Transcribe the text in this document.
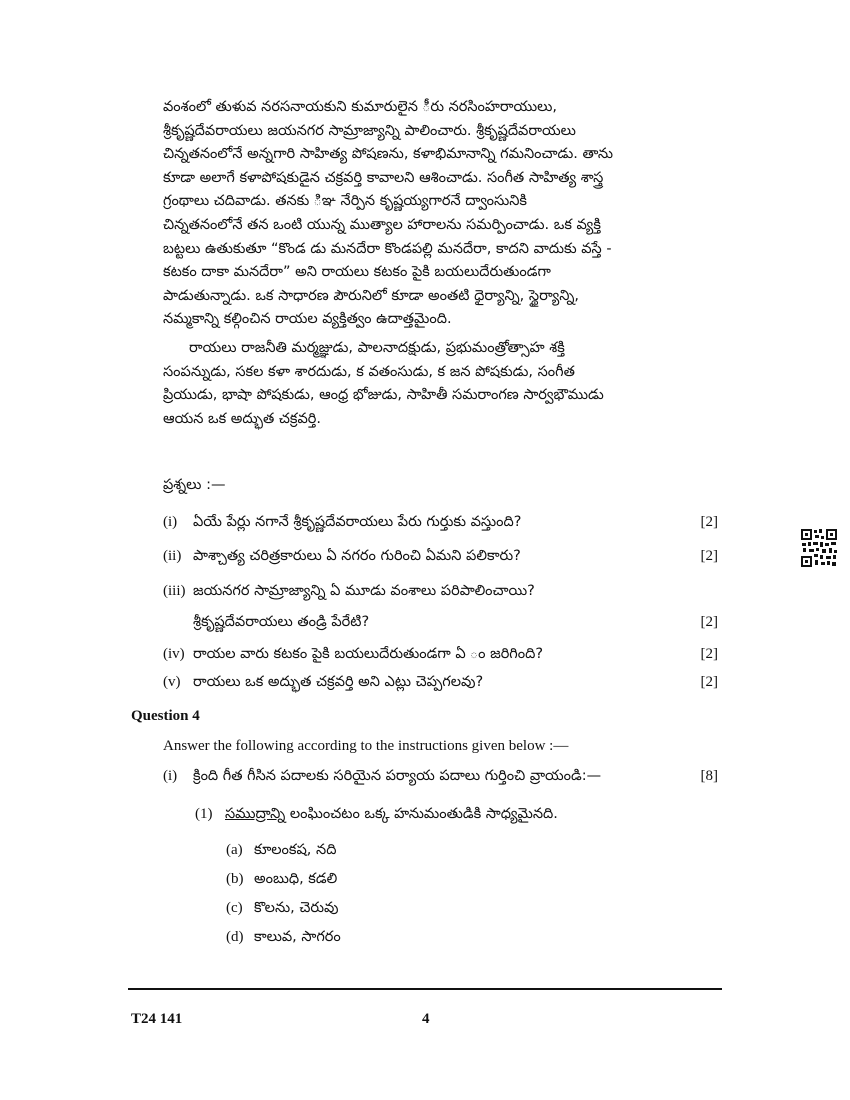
వంశంలో తుళువ నరసనాయకుని కుమారులైన ీరు నరసింహరాయులు,
శ్రీకృష్ణదేవరాయలు జయనగర సామ్రాజ్యాన్ని పాలించారు. శ్రీకృష్ణదేవరాయలు
చిన్నతనంలోనే అన్నగారి సాహిత్య పోషణను, కళాభిమానాన్ని గమనించాడు. తాను
కూడా అలాగే కళాపోషకుడైన చక్రవర్తి కావాలని ఆశించాడు. సంగీత సాహిత్య శాస్త్ర
గ్రంథాలు చదివాడు. తనకు ిఞ నేర్పిన కృష్ణయ్యగారనే ద్వాంసునికి
చిన్నతనంలోనే తన ఒంటి యున్న ముత్యాల హారాలను సమర్పించాడు. ఒక వ్యక్తి
బట్టలు ఉతుకుతూ “కొండ డు మనదేరా కొండపల్లి మనదేరా, కాదని వాదుకు వస్తే -
కటకం దాకా మనదేరా” అని రాయలు కటకం పైకి బయలుదేరుతుండగా
పాడుతున్నాడు. ఒక సాధారణ పౌరునిలో కూడా అంతటి ధైర్యాన్ని, స్థైర్యాన్ని,
నమ్మకాన్ని కల్గించిన రాయల వ్యక్తిత్వం ఉదాత్తమైంది.
రాయలు రాజనీతి మర్మజ్ఞుడు, పాలనాదక్షుడు, ప్రభుమంత్రోత్సాహ శక్తి
సంపన్నుడు, సకల కళా శారదుడు, క వతంసుడు, క జన పోషకుడు, సంగీత
ప్రియుడు, భాషా పోషకుడు, ఆంధ్ర భోజుడు, సాహితీ సమరాంగణ సార్వభౌముడు
ఆయన ఒక అద్భుత చక్రవర్తి.
ప్రశ్నలు :—
(i)	ఏయే పేర్లు నగానే శ్రీకృష్ణదేవరాయలు పేరు గుర్తుకు వస్తుంది?	[2]
(ii) పాశ్చాత్య చరిత్రకారులు ఏ నగరం గురించి ఏమని పలికారు?	[2]
(iii) జయనగర సామ్రాజ్యాన్ని ఏ మూడు వంశాలు పరిపాలించాయి?
శ్రీకృష్ణదేవరాయలు తండ్రి పేరేటి?	[2]
(iv) రాయల వారు కటకం పైకి బయలుదేరుతుండగా ఏ ం జరిగింది?	[2]
(v) రాయలు ఒక అద్భుత చక్రవర్తి అని ఎట్లు చెప్పగలవు?	[2]
Question 4
Answer the following according to the instructions given below :—
(i)	క్రింది గీత గీసిన పదాలకు సరియైన పర్యాయ పదాలు గుర్తించి వ్రాయండి:—	[8]
(1) సముద్రాన్ని లంఘించటం ఒక్క హనుమంతుడికి సాధ్యమైనది.
(a) కూలంకష, నది
(b) అంబుధి, కడలి
(c) కొలను, చెరువు
(d) కాలువ, సాగరం
T24 141	4
